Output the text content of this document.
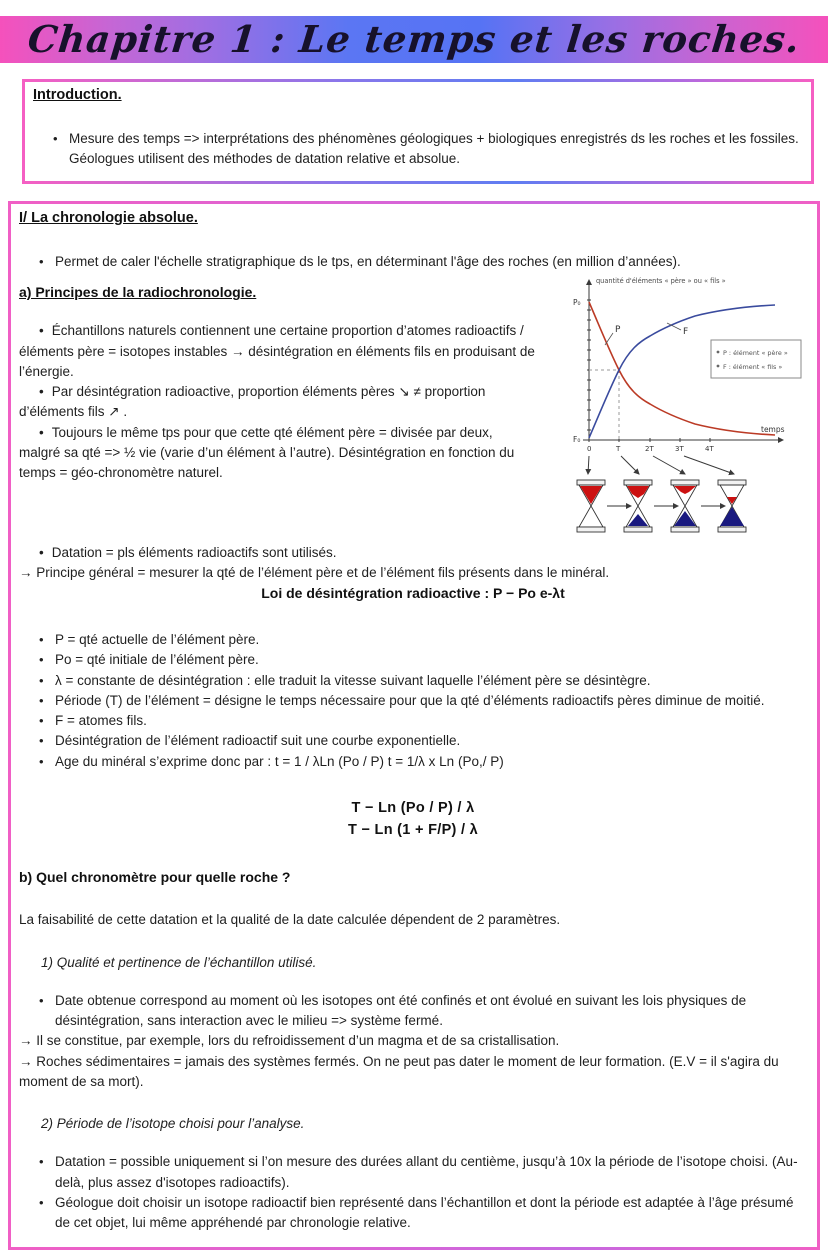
Chapitre 1 : Le temps et les roches.
Introduction.
• Mesure des temps => interprétations des phénomènes géologiques + biologiques enregistrés ds les roches et les fossiles. Géologues utilisent des méthodes de datation relative et absolue.
I/ La chronologie absolue.
• Permet de caler l'échelle stratigraphique ds le tps, en déterminant l'âge des roches (en million d’années).
P	F
quantité d'éléments « père » ou « fils »
P₀
F₀
0	T	2T	3T	4T
temps
P : élément « père »
F : élément « fils »
a) Principes de la radiochronologie.
• Échantillons naturels contiennent une certaine proportion d’atomes radioactifs / éléments père = isotopes instables → désintégration en éléments fils en produisant de l’énergie.
• Par désintégration radioactive, proportion éléments pères ↘ ≠ proportion d’éléments fils ↗ .
• Toujours le même tps pour que cette qté élément père = divisée par deux, malgré sa qté => ½ vie (varie d’un élément à l’autre). Désintégration en fonction du temps = géo-chronomètre naturel.
• Datation = pls éléments radioactifs sont utilisés.
→ Principe général = mesurer la qté de l’élément père et de l’élément fils présents dans le minéral.
Loi de désintégration radioactive : P − Po e-λt
• P = qté actuelle de l’élément père.
• Po = qté initiale de l’élément père.
• λ = constante de désintégration : elle traduit la vitesse suivant laquelle l’élément père se désintègre.
• Période (T) de l’élément = désigne le temps nécessaire pour que la qté d’éléments radioactifs pères diminue de moitié.
• F = atomes fils.
• Désintégration de l’élément radioactif suit une courbe exponentielle.
• Age du minéral s’exprime donc par : t = 1 / λLn (Po / P) t = 1/λ x Ln (Po,/ P)
T − Ln (Po / P) / λ
T − Ln (1 + F/P) / λ
b) Quel chronomètre pour quelle roche ?
La faisabilité de cette datation et la qualité de la date calculée dépendent de 2 paramètres.
1) Qualité et pertinence de l’échantillon utilisé.
• Date obtenue correspond au moment où les isotopes ont été confinés et ont évolué en suivant les lois physiques de désintégration, sans interaction avec le milieu => système fermé.
→ Il se constitue, par exemple, lors du refroidissement d’un magma et de sa cristallisation.
→ Roches sédimentaires = jamais des systèmes fermés. On ne peut pas dater le moment de leur formation. (E.V = il s'agira du moment de sa mort).
2) Période de l’isotope choisi pour l’analyse.
• Datation = possible uniquement si l’on mesure des durées allant du centième, jusqu’à 10x la période de l’isotope choisi. (Au-delà, plus assez d'isotopes radioactifs).
• Géologue doit choisir un isotope radioactif bien représenté dans l’échantillon et dont la période est adaptée à l’âge présumé de cet objet, lui même appréhendé par chronologie relative.
